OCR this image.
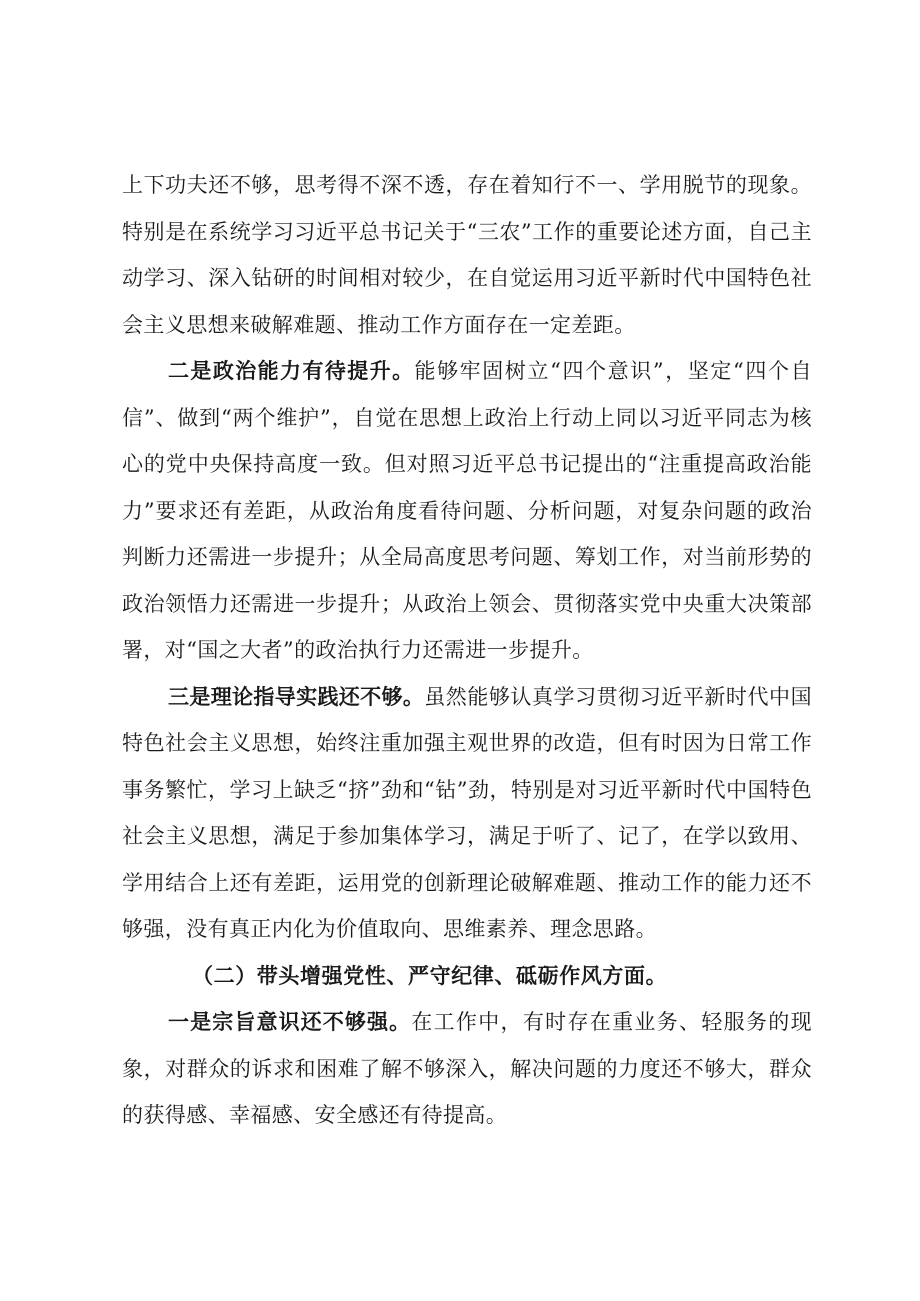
上下功夫还不够，思考得不深不透，存在着知行不一、学用脱节的现象。特别是在系统学习习近平总书记关于“三农”工作的重要论述方面，自己主动学习、深入钻研的时间相对较少，在自觉运用习近平新时代中国特色社会主义思想来破解难题、推动工作方面存在一定差距。

二是政治能力有待提升。能够牢固树立“四个意识”，坚定“四个自信”、做到“两个维护”，自觉在思想上政治上行动上同以习近平同志为核心的党中央保持高度一致。但对照习近平总书记提出的“注重提高政治能力”要求还有差距，从政治角度看待问题、分析问题，对复杂问题的政治判断力还需进一步提升；从全局高度思考问题、筹划工作，对当前形势的政治领悟力还需进一步提升；从政治上领会、贯彻落实党中央重大决策部署，对“国之大者”的政治执行力还需进一步提升。

三是理论指导实践还不够。虽然能够认真学习贯彻习近平新时代中国特色社会主义思想，始终注重加强主观世界的改造，但有时因为日常工作事务繁忙，学习上缺乏“挤”劲和“钻”劲，特别是对习近平新时代中国特色社会主义思想，满足于参加集体学习，满足于听了、记了，在学以致用、学用结合上还有差距，运用党的创新理论破解难题、推动工作的能力还不够强，没有真正内化为价值取向、思维素养、理念思路。

（二）带头增强党性、严守纪律、砥砺作风方面。

一是宗旨意识还不够强。在工作中，有时存在重业务、轻服务的现象，对群众的诉求和困难了解不够深入，解决问题的力度还不够大，群众的获得感、幸福感、安全感还有待提高。
